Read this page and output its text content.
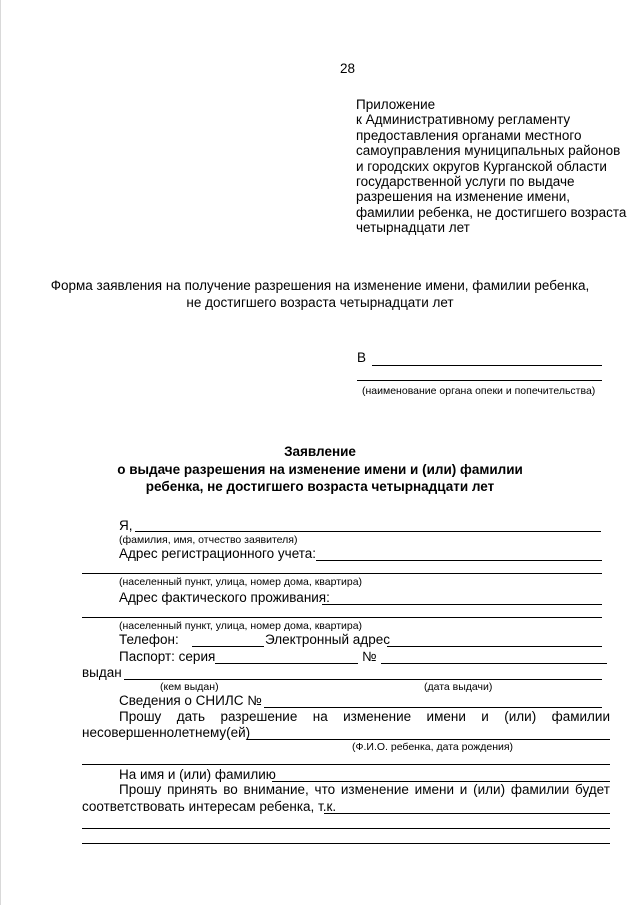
28
Приложение
к Административному регламенту
предоставления органами местного
самоуправления муниципальных районов
и городских округов Курганской области
государственной услуги по выдаче
разрешения на изменение имени,
фамилии ребенка, не достигшего возраста
четырнадцати лет
Форма заявления на получение разрешения на изменение имени, фамилии ребенка,
не достигшего возраста четырнадцати лет
В
(наименование органа опеки и попечительства)
Заявление
о выдаче разрешения на изменение имени и (или) фамилии
ребенка, не достигшего возраста четырнадцати лет
Я,
(фамилия, имя, отчество заявителя)
Адрес регистрационного учета:
(населенный пункт, улица, номер дома, квартира)
Адрес фактического проживания:
(населенный пункт, улица, номер дома, квартира)
Телефон:	Электронный адрес
Паспорт: серия	№
выдан
(кем выдан)	(дата выдачи)
Сведения о СНИЛС №
Прошу дать разрешение на изменение имени и (или) фамилии
несовершеннолетнему(ей)
(Ф.И.О. ребенка, дата рождения)
На имя и (или) фамилию
Прошу принять во внимание, что изменение имени и (или) фамилии будет
соответствовать интересам ребенка, т.к.
